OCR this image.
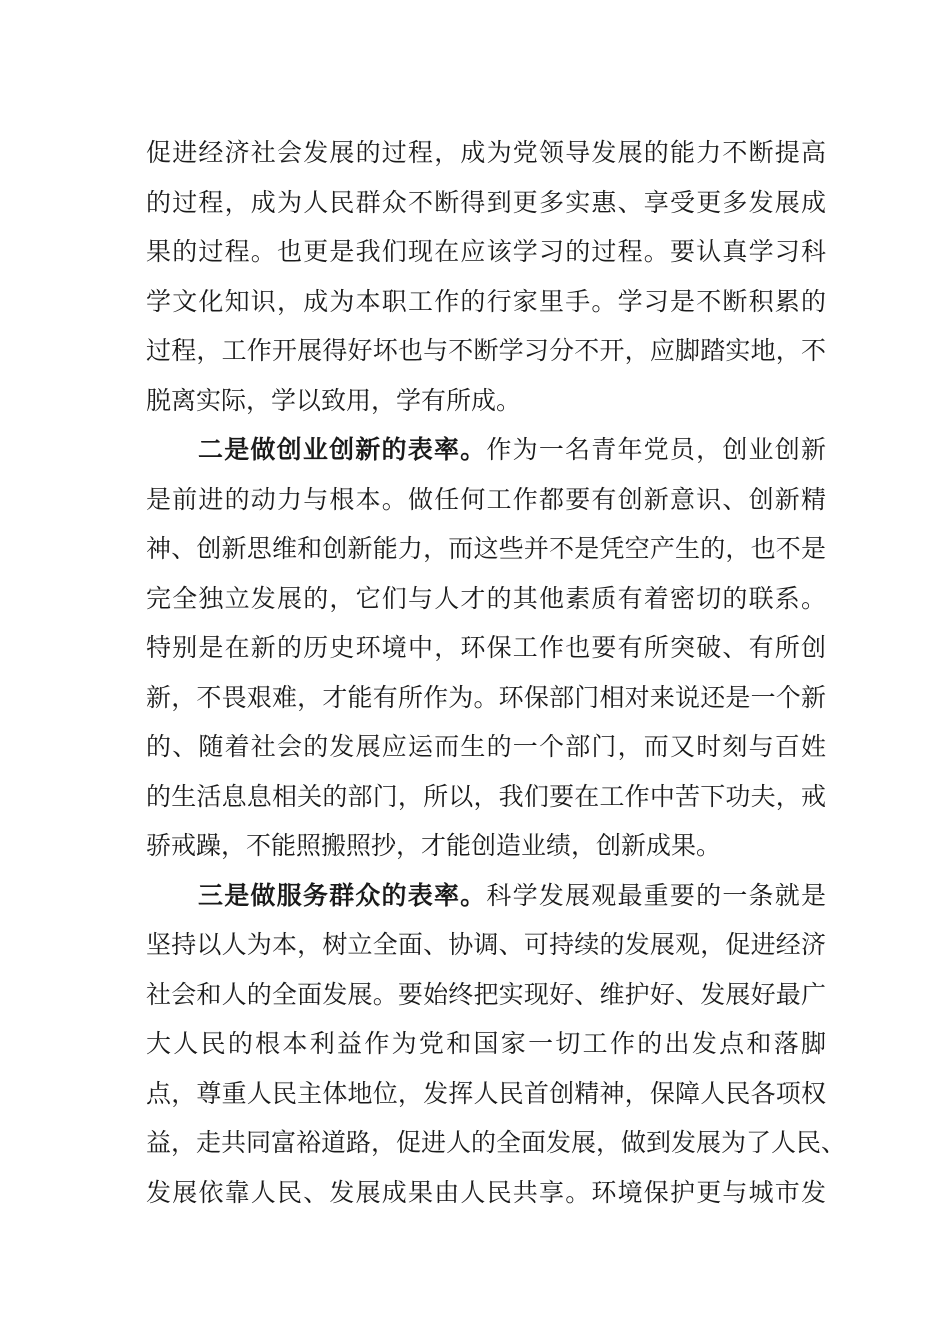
促进经济社会发展的过程，成为党领导发展的能力不断提高
的过程，成为人民群众不断得到更多实惠、享受更多发展成
果的过程。也更是我们现在应该学习的过程。要认真学习科
学文化知识，成为本职工作的行家里手。学习是不断积累的
过程，工作开展得好坏也与不断学习分不开，应脚踏实地，不
脱离实际，学以致用，学有所成。
二是做创业创新的表率。作为一名青年党员，创业创新
是前进的动力与根本。做任何工作都要有创新意识、创新精
神、创新思维和创新能力，而这些并不是凭空产生的，也不是
完全独立发展的，它们与人才的其他素质有着密切的联系。
特别是在新的历史环境中，环保工作也要有所突破、有所创
新，不畏艰难，才能有所作为。环保部门相对来说还是一个新
的、随着社会的发展应运而生的一个部门，而又时刻与百姓
的生活息息相关的部门，所以，我们要在工作中苦下功夫，戒
骄戒躁，不能照搬照抄，才能创造业绩，创新成果。
三是做服务群众的表率。科学发展观最重要的一条就是
坚持以人为本，树立全面、协调、可持续的发展观，促进经济
社会和人的全面发展。要始终把实现好、维护好、发展好最广
大人民的根本利益作为党和国家一切工作的出发点和落脚
点，尊重人民主体地位，发挥人民首创精神，保障人民各项权
益，走共同富裕道路，促进人的全面发展，做到发展为了人民、
发展依靠人民、发展成果由人民共享。环境保护更与城市发
